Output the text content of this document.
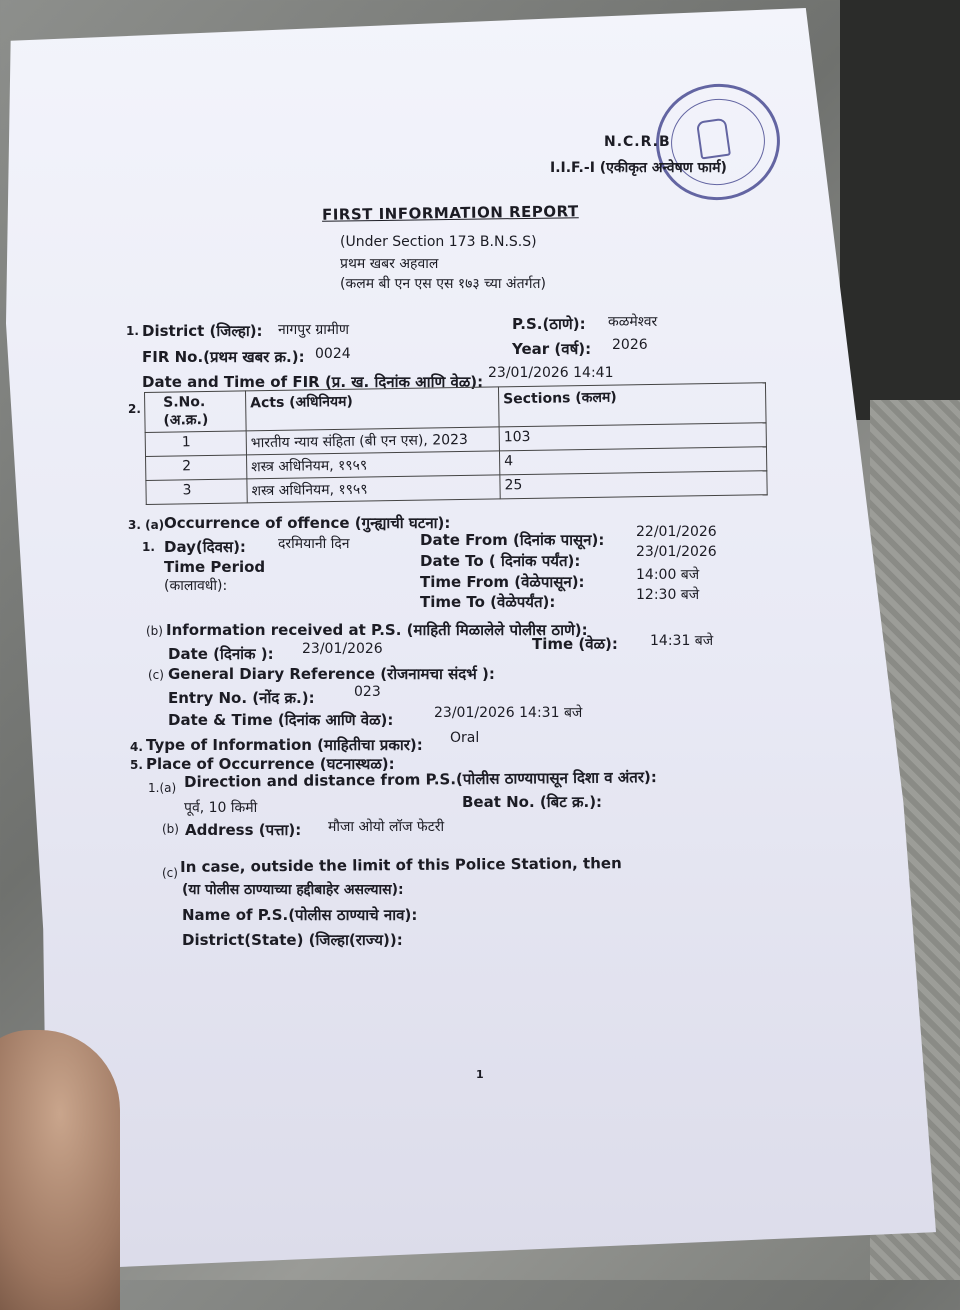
N.C.R.B
I.I.F.-I (एकीकृत अन्वेषण फार्म)
FIRST INFORMATION REPORT
(Under Section 173 B.N.S.S)
प्रथम खबर अहवाल
(कलम बी एन एस एस १७३ च्या अंतर्गत)
1. District (जिल्हा): नागपुर ग्रामीण	P.S.(ठाणे): कळमेश्वर
FIR No.(प्रथम खबर क्र.): 0024	Year (वर्ष): 2026
Date and Time of FIR (प्र. ख. दिनांक आणि वेळ): 23/01/2026 14:41
2. S.No. (अ.क्र.)	Acts (अधिनियम)	Sections (कलम)
1	भारतीय न्याय संहिता (बी एन एस), 2023	103
2	शस्त्र अधिनियम, १९५९	4
3	शस्त्र अधिनियम, १९५९	25
3. (a) Occurrence of offence (गुन्ह्याची घटना):
1. Day(दिवस): दरमियानी दिन
Time Period
(कालावधी):
Date From (दिनांक पासून): 22/01/2026
Date To ( दिनांक पर्यंत):	23/01/2026
Time From (वेळेपासून):	14:00 बजे
Time To (वेळेपर्यंत):	12:30 बजे
(b) Information received at P.S. (माहिती मिळालेले पोलीस ठाणे):
Date (दिनांक ): 23/01/2026	Time (वेळ): 14:31 बजे
(c) General Diary Reference (रोजनामचा संदर्भ ):
Entry No. (नोंद क्र.):	023
Date & Time (दिनांक आणि वेळ):	23/01/2026 14:31 बजे
4. Type of Information (माहितीचा प्रकार): Oral
5. Place of Occurrence (घटनास्थळ):
1.(a) Direction and distance from P.S.(पोलीस ठाण्यापासून दिशा व अंतर):
पूर्व, 10 किमी	Beat No. (बिट क्र.):
(b) Address (पत्ता): मौजा ओयो लॉज फेटरी
(c) In case, outside the limit of this Police Station, then
(या पोलीस ठाण्याच्या हद्दीबाहेर असल्यास):
Name of P.S.(पोलीस ठाण्याचे नाव):
District(State) (जिल्हा(राज्य)):
1
